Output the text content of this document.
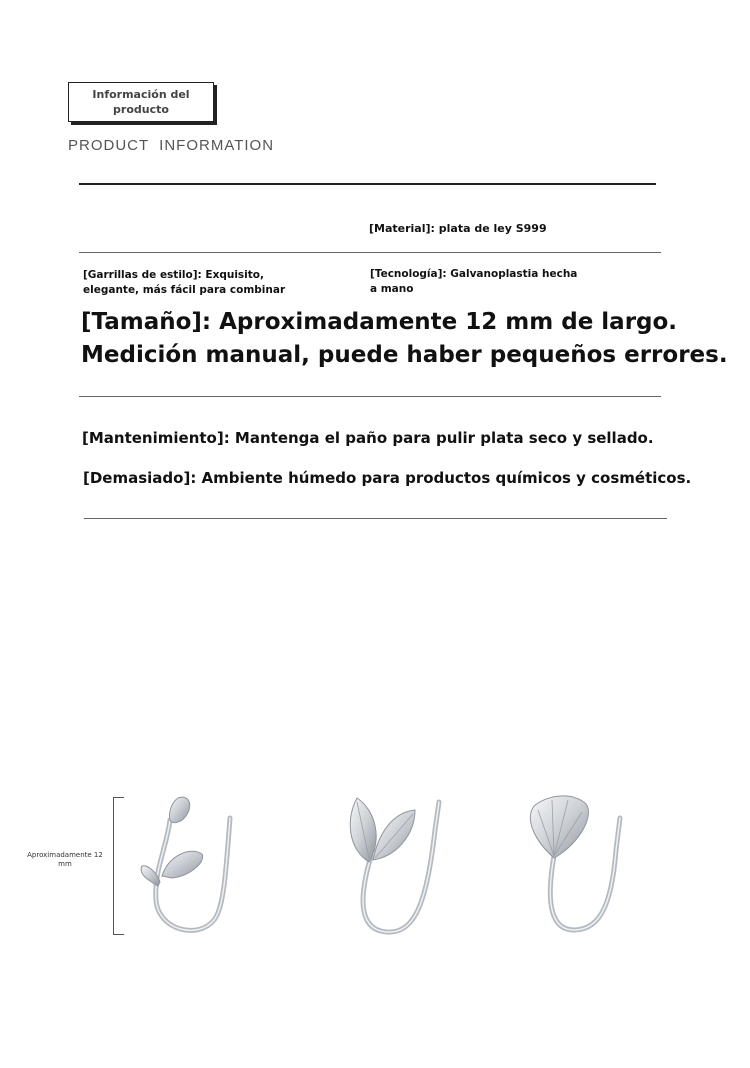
Información del producto
PRODUCT INFORMATION
[Material]: plata de ley S999
[Garrillas de estilo]: Exquisito, elegante, más fácil para combinar
[Tecnología]: Galvanoplastia hecha a mano
[Tamaño]: Aproximadamente 12 mm de largo.
Medición manual, puede haber pequeños errores.
[Mantenimiento]: Mantenga el paño para pulir plata seco y sellado.
[Demasiado]: Ambiente húmedo para productos químicos y cosméticos.
Aproximadamente 12 mm
